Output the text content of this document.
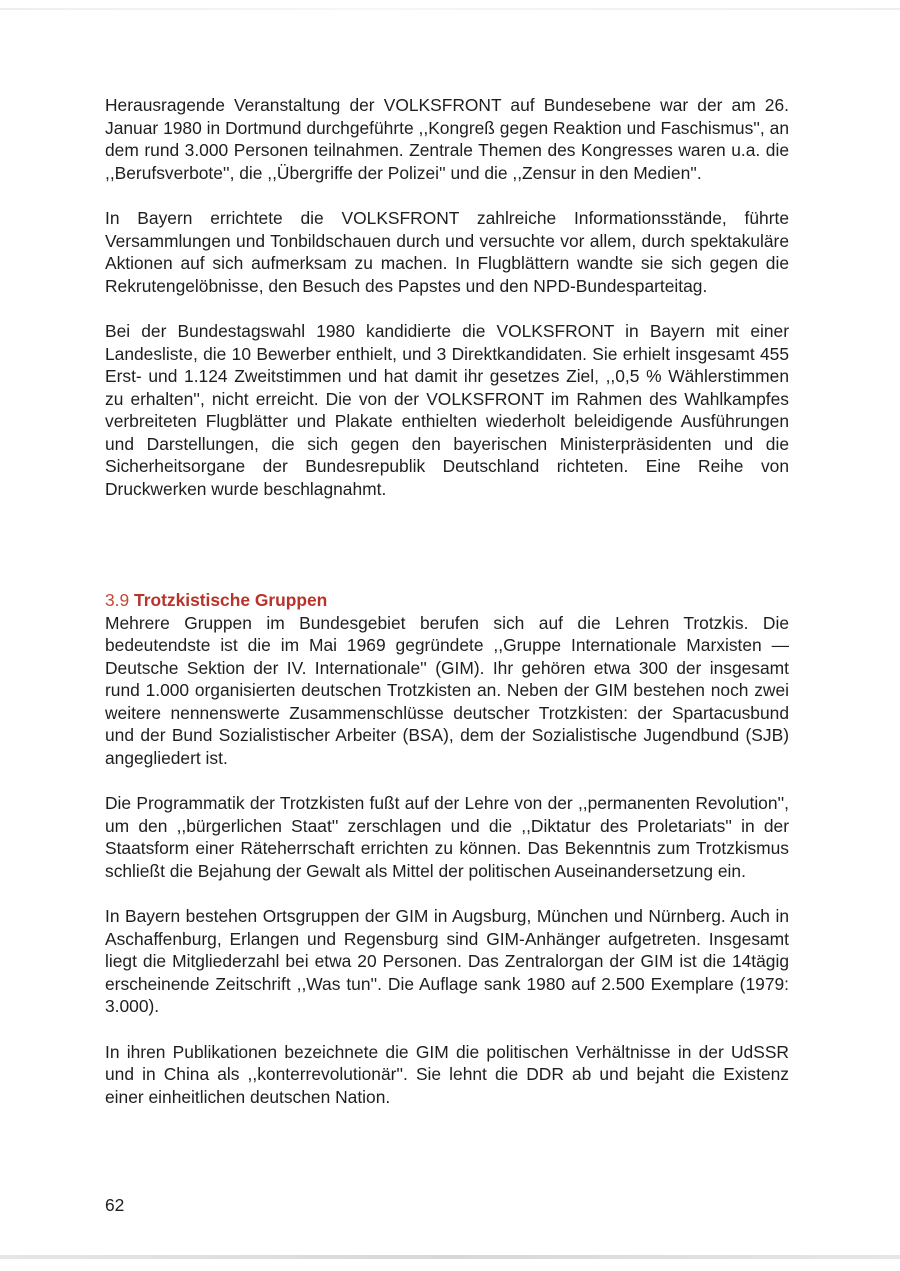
Herausragende Veranstaltung der VOLKSFRONT auf Bundesebene war der am 26. Januar 1980 in Dortmund durchgeführte ,,Kongreß gegen Reaktion und Faschismus'', an dem rund 3.000 Personen teilnahmen. Zentrale Themen des Kongresses waren u.a. die ,,Berufsverbote'', die ,,Übergriffe der Polizei'' und die ,,Zensur in den Medien''.

In Bayern errichtete die VOLKSFRONT zahlreiche Informationsstände, führte Versammlungen und Tonbildschauen durch und versuchte vor allem, durch spektakuläre Aktionen auf sich aufmerksam zu machen. In Flugblättern wandte sie sich gegen die Rekrutengelöbnisse, den Besuch des Papstes und den NPD-Bundesparteitag.

Bei der Bundestagswahl 1980 kandidierte die VOLKSFRONT in Bayern mit einer Landesliste, die 10 Bewerber enthielt, und 3 Direktkandidaten. Sie erhielt insgesamt 455 Erst- und 1.124 Zweitstimmen und hat damit ihr gesetzes Ziel, ,,0,5 % Wählerstimmen zu erhalten'', nicht erreicht. Die von der VOLKSFRONT im Rahmen des Wahlkampfes verbreiteten Flugblätter und Plakate enthielten wiederholt beleidigende Ausführungen und Darstellungen, die sich gegen den bayerischen Ministerpräsidenten und die Sicherheitsorgane der Bundesrepublik Deutschland richteten. Eine Reihe von Druckwerken wurde beschlagnahmt.

3.9 Trotzkistische Gruppen

Mehrere Gruppen im Bundesgebiet berufen sich auf die Lehren Trotzkis. Die bedeutendste ist die im Mai 1969 gegründete ,,Gruppe Internationale Marxisten — Deutsche Sektion der IV. Internationale'' (GIM). Ihr gehören etwa 300 der insgesamt rund 1.000 organisierten deutschen Trotzkisten an. Neben der GIM bestehen noch zwei weitere nennenswerte Zusammenschlüsse deutscher Trotzkisten: der Spartacusbund und der Bund Sozialistischer Arbeiter (BSA), dem der Sozialistische Jugendbund (SJB) angegliedert ist.

Die Programmatik der Trotzkisten fußt auf der Lehre von der ,,permanenten Revolution'', um den ,,bürgerlichen Staat'' zerschlagen und die ,,Diktatur des Proletariats'' in der Staatsform einer Räteherrschaft errichten zu können. Das Bekenntnis zum Trotzkismus schließt die Bejahung der Gewalt als Mittel der politischen Auseinandersetzung ein.

In Bayern bestehen Ortsgruppen der GIM in Augsburg, München und Nürnberg. Auch in Aschaffenburg, Erlangen und Regensburg sind GIM-Anhänger aufgetreten. Insgesamt liegt die Mitgliederzahl bei etwa 20 Personen. Das Zentralorgan der GIM ist die 14tägig erscheinende Zeitschrift ,,Was tun''. Die Auflage sank 1980 auf 2.500 Exemplare (1979: 3.000).

In ihren Publikationen bezeichnete die GIM die politischen Verhältnisse in der UdSSR und in China als ,,konterrevolutionär''. Sie lehnt die DDR ab und bejaht die Existenz einer einheitlichen deutschen Nation.

62
